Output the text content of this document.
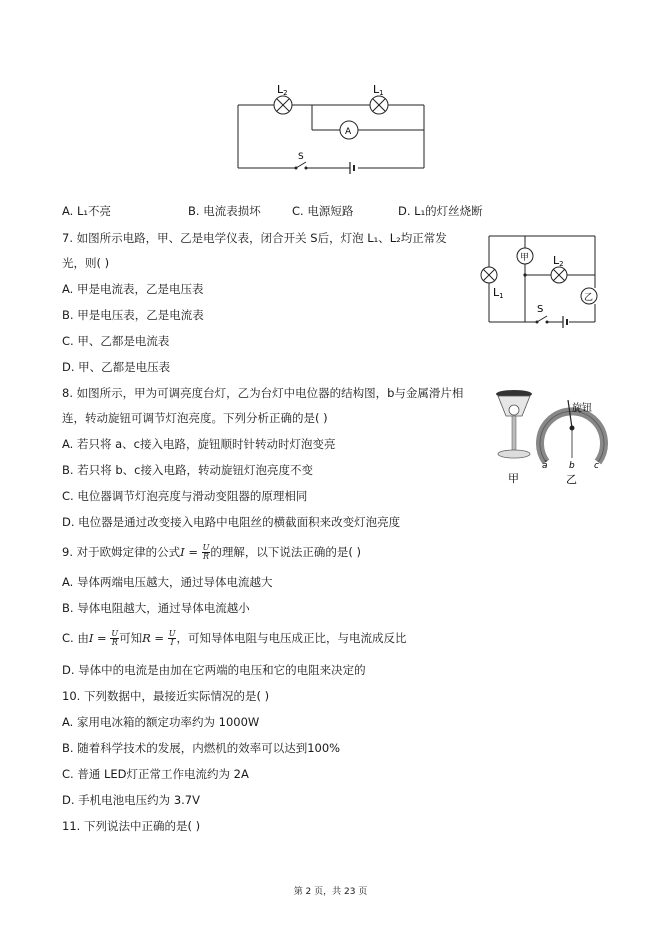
L2	L1
A
S
A. L₁不亮	B. 电流表损坏	C. 电源短路	D. L₁的灯丝烧断
7. 如图所示电路，甲、乙是电学仪表，闭合开关 S后，灯泡 L₁、L₂均正常发
光，则( )
A. 甲是电流表，乙是电压表
B. 甲是电压表，乙是电流表
C. 甲、乙都是电流表
D. 甲、乙都是电压表
甲
乙
L1
L2
S
8. 如图所示，甲为可调亮度台灯，乙为台灯中电位器的结构图，b与金属滑片相
连，转动旋钮可调节灯泡亮度。下列分析正确的是( )
A. 若只将 a、c接入电路，旋钮顺时针转动时灯泡变亮
B. 若只将 b、c接入电路，转动旋钮灯泡亮度不变
C. 电位器调节灯泡亮度与滑动变阻器的原理相同
D. 电位器是通过改变接入电路中电阻丝的横截面积来改变灯泡亮度
旋钮
a b c
甲	乙
9. 对于欧姆定律的公式$I = \frac{U}{R}$ 的理解，以下说法正确的是( )
A. 导体两端电压越大，通过导体电流越大
B. 导体电阻越大，通过导体电流越小
C. 由$I = \frac{U}{R}$ 可知$R = \frac{U}{I}$ ，可知导体电阻与电压成正比，与电流成反比
D. 导体中的电流是由加在它两端的电压和它的电阻来决定的
10. 下列数据中，最接近实际情况的是( )
A. 家用电冰箱的额定功率约为 1000W
B. 随着科学技术的发展，内燃机的效率可以达到100%
C. 普通 LED灯正常工作电流约为 2A
D. 手机电池电压约为 3.7V
11. 下列说法中正确的是( )
第 2 页，共 23 页
